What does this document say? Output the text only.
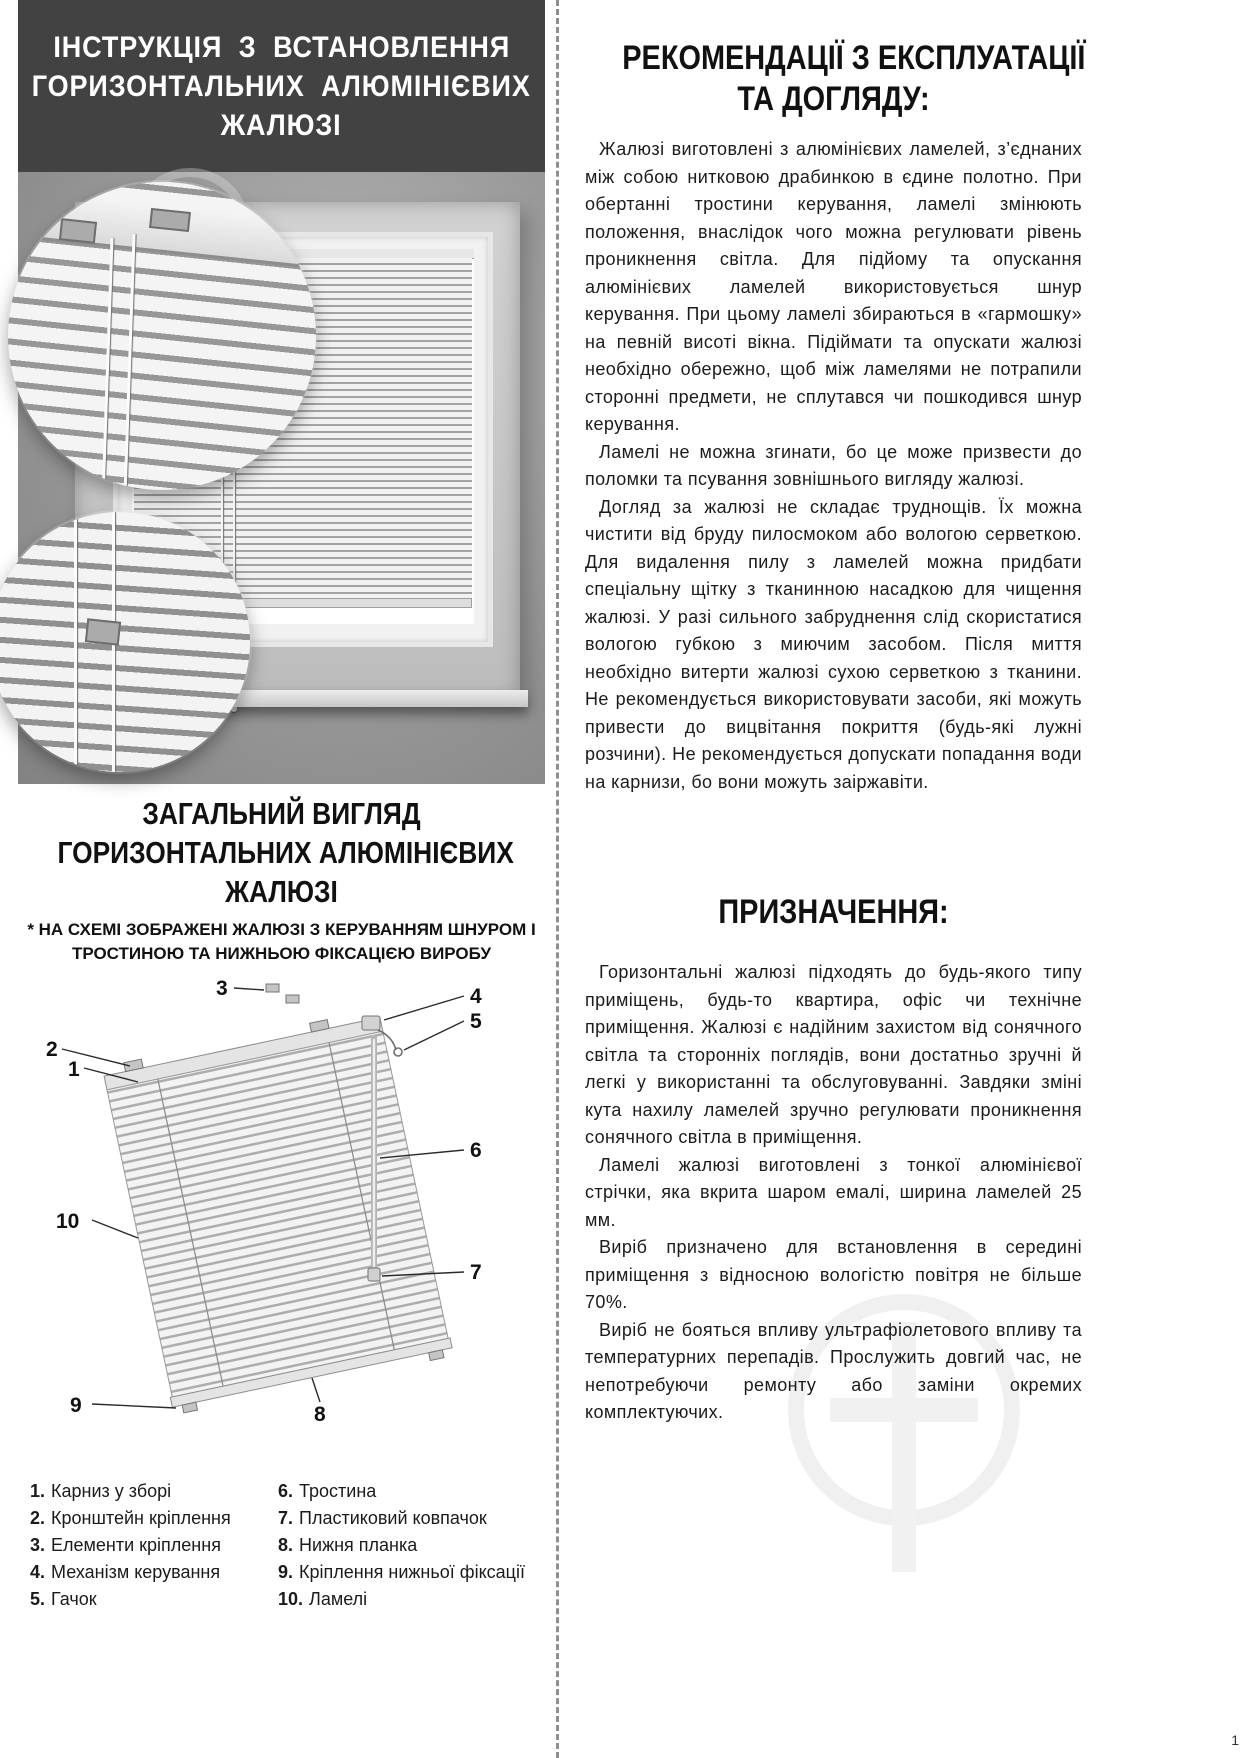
ІНСТРУКЦІЯ З ВСТАНОВЛЕННЯ
ГОРИЗОНТАЛЬНИХ АЛЮМІНІЄВИХ
ЖАЛЮЗІ
ЗАГАЛЬНИЙ ВИГЛЯД
ГОРИЗОНТАЛЬНИХ АЛЮМІНІЄВИХ
ЖАЛЮЗІ

* НА СХЕМІ ЗОБРАЖЕНІ ЖАЛЮЗІ З КЕРУВАННЯМ ШНУРОМ І
ТРОСТИНОЮ ТА НИЖНЬОЮ ФІКСАЦІЄЮ ВИРОБУ

1
2
3	4
5
6
7
8
9
10
1. Карниз у зборі
2. Кронштейн кріплення
3. Елементи кріплення
4. Механізм керування
5. Гачок
6. Тростина
7. Пластиковий ковпачок
8. Нижня планка
9. Кріплення нижньої фіксації
10. Ламелі
РЕКОМЕНДАЦІЇ З ЕКСПЛУАТАЦІЇ
ТА ДОГЛЯДУ:

Жалюзі виготовлені з алюмінієвих ламелей, з’єднаних між собою нитковою драбинкою в єдине полотно. При обертанні тростини керування, ламелі змінюють положення, внаслідок чого можна регулювати рівень проникнення світла. Для підйому та опускання алюмінієвих ламелей використовується шнур керування. При цьому ламелі збираються в «гармошку» на певній висоті вікна. Підіймати та опускати жалюзі необхідно обережно, щоб між ламелями не потрапили сторонні предмети, не сплутався чи пошкодився шнур керування.

Ламелі не можна згинати, бо це може призвести до поломки та псування зовнішнього вигляду жалюзі.

Догляд за жалюзі не складає труднощів. Їх можна чистити від бруду пилосмоком або вологою серветкою. Для видалення пилу з ламелей можна придбати спеціальну щітку з тканинною насадкою для чищення жалюзі. У разі сильного забруднення слід скористатися вологою губкою з миючим засобом. Після миття необхідно витерти жалюзі сухою серветкою з тканини. Не рекомендується використовувати засоби, які можуть привести до вицвітання покриття (будь-які лужні розчини). Не рекомендується допускати попадання води на карнизи, бо вони можуть заіржавіти.

ПРИЗНАЧЕННЯ:

Горизонтальні жалюзі підходять до будь-якого типу приміщень, будь-то квартира, офіс чи технічне приміщення. Жалюзі є надійним захистом від сонячного світла та сторонніх поглядів, вони достатньо зручні й легкі у використанні та обслуговуванні. Завдяки зміні кута нахилу ламелей зручно регулювати проникнення сонячного світла в приміщення.

Ламелі жалюзі виготовлені з тонкої алюмінієвої стрічки, яка вкрита шаром емалі, ширина ламелей 25 мм.

Виріб призначено для встановлення в середині приміщення з відносною вологістю повітря не більше 70%.

Виріб не бояться впливу ультрафіолетового впливу та температурних перепадів. Прослужить довгий час, не непотребуючи ремонту або заміни окремих комплектуючих.

1
